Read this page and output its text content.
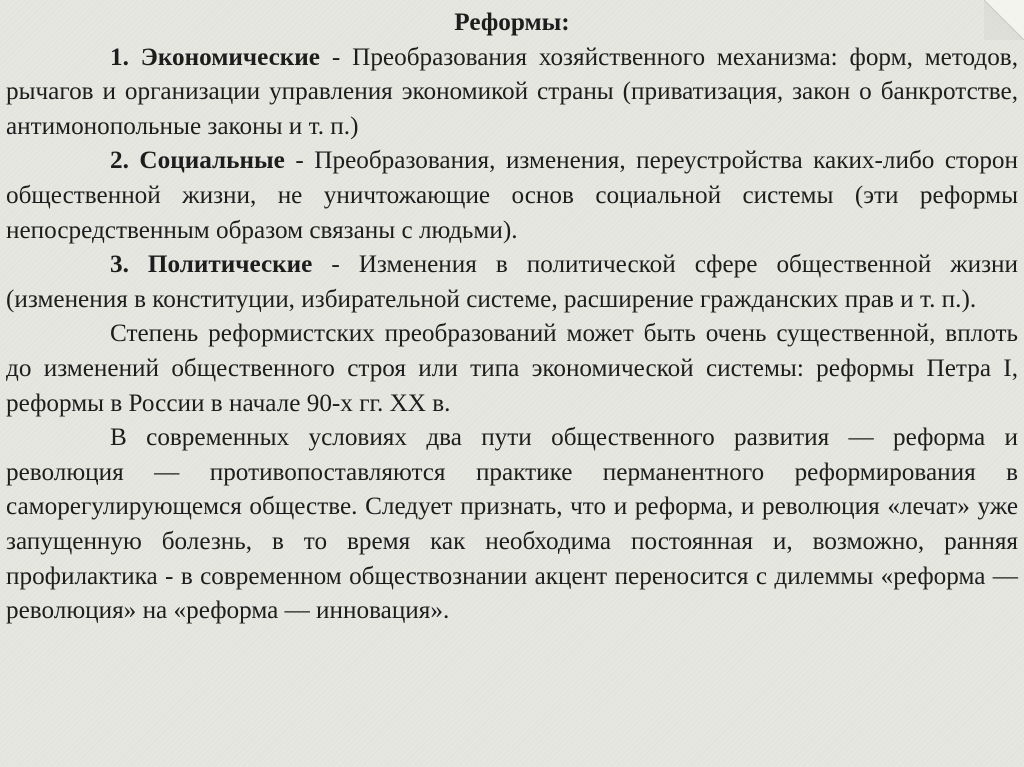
Реформы:

1. Экономические - Преобразования хозяйственного механизма: форм, методов, рычагов и организации управления экономикой страны (приватизация, закон о банкротстве, антимонопольные законы и т. п.)

2. Социальные - Преобразования, изменения, переустройства каких-либо сторон общественной жизни, не уничтожающие основ социальной системы (эти реформы непосредственным образом связаны с людьми).

3. Политические - Изменения в политической сфере общественной жизни (изменения в конституции, избирательной системе, расширение гражданских прав и т. п.).

Степень реформистских преобразований может быть очень существенной, вплоть до изменений общественного строя или типа экономической системы: реформы Петра I, реформы в России в начале 90-х гг. XX в.

В современных условиях два пути общественного развития — реформа и революция — противопоставляются практике перманентного реформирования в саморегулирующемся обществе. Следует признать, что и реформа, и революция «лечат» уже запущенную болезнь, в то время как необходима постоянная и, возможно, ранняя профилактика - в современном обществознании акцент переносится с дилеммы «реформа — революция» на «реформа — инновация».
